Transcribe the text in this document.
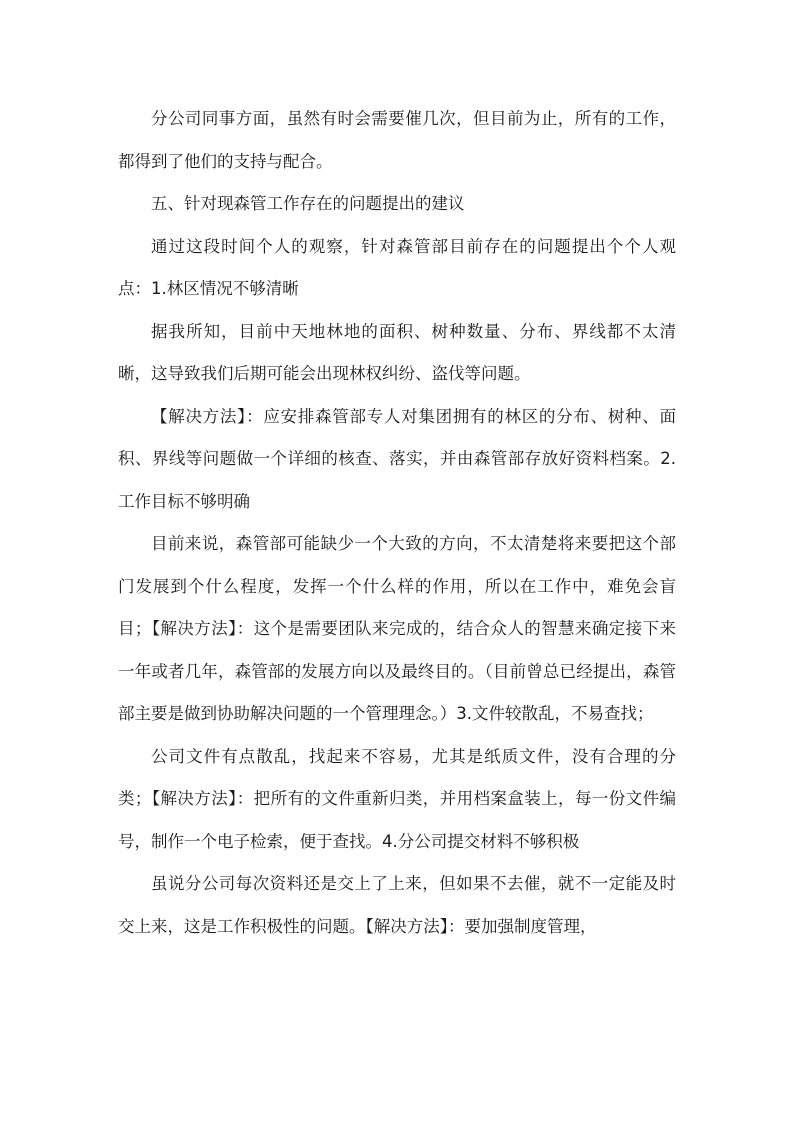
分公司同事方面，虽然有时会需要催几次，但目前为止，所有的工作，都得到了他们的支持与配合。

五、针对现森管工作存在的问题提出的建议

通过这段时间个人的观察，针对森管部目前存在的问题提出个个人观点：1.林区情况不够清晰

据我所知，目前中天地林地的面积、树种数量、分布、界线都不太清晰，这导致我们后期可能会出现林权纠纷、盗伐等问题。

【解决方法】：应安排森管部专人对集团拥有的林区的分布、树种、面积、界线等问题做一个详细的核查、落实，并由森管部存放好资料档案。2.工作目标不够明确

目前来说，森管部可能缺少一个大致的方向，不太清楚将来要把这个部门发展到个什么程度，发挥一个什么样的作用，所以在工作中，难免会盲目；【解决方法】：这个是需要团队来完成的，结合众人的智慧来确定接下来一年或者几年，森管部的发展方向以及最终目的。（目前曾总已经提出，森管部主要是做到协助解决问题的一个管理理念。）3.文件较散乱，不易查找；

公司文件有点散乱，找起来不容易，尤其是纸质文件，没有合理的分类；【解决方法】：把所有的文件重新归类，并用档案盒装上，每一份文件编号，制作一个电子检索，便于查找。4.分公司提交材料不够积极

虽说分公司每次资料还是交上了上来，但如果不去催，就不一定能及时交上来，这是工作积极性的问题。【解决方法】：要加强制度管理，
